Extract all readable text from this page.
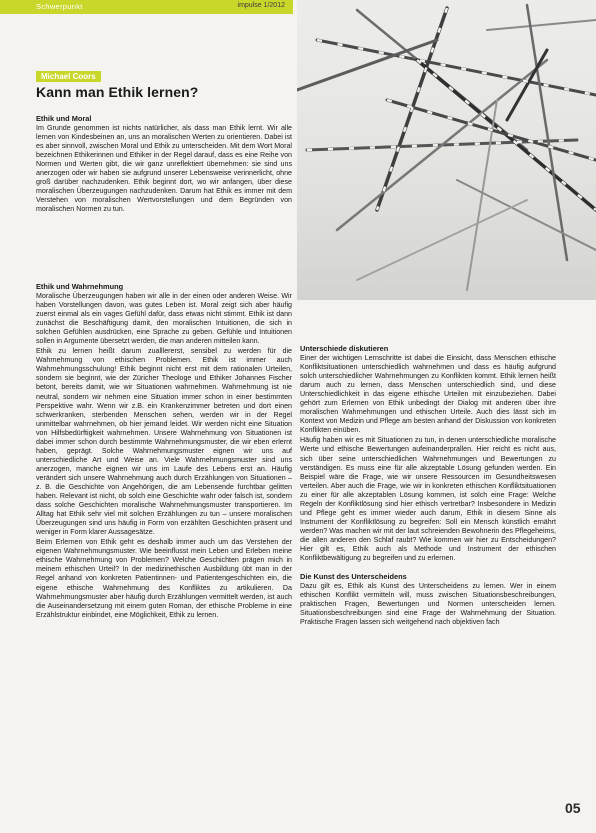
Schwerpunkt	impulse 1/2012
Michael Coors
Kann man Ethik lernen?
Ethik und Moral

Im Grunde genommen ist nichts natürlicher, als dass man Ethik lernt. Wir alle lernen von Kindesbeinen an, uns an moralischen Werten zu orientieren. Dabei ist es aber sinnvoll, zwischen Moral und Ethik zu unterscheiden. Mit dem Wort Moral bezeichnen Ethikerinnen und Ethiker in der Regel darauf, dass es eine Reihe von Normen und Werten gibt, die wir ganz unreflektiert übernehmen: sie sind uns anerzogen oder wir haben sie aufgrund unserer Lebensweise verinnerlicht, ohne groß darüber nachzudenken. Ethik beginnt dort, wo wir anfangen, über diese moralischen Überzeugungen nachzudenken. Darum hat Ethik es immer mit dem Verstehen von moralischen Wertvorstellungen und dem Begründen von moralischen Normen zu tun.

Ethik und Wahrnehmung

Moralische Überzeugungen haben wir alle in der einen oder anderen Weise. Wir haben Vorstellungen davon, was gutes Leben ist. Moral zeigt sich aber häufig zuerst einmal als ein vages Gefühl dafür, dass etwas nicht stimmt. Ethik ist dann zunächst die Beschäftigung damit, den moralischen Intuitionen, die sich in solchen Gefühlen ausdrücken, eine Sprache zu geben. Gefühle und Intuitionen sollen in Argumente übersetzt werden, die man anderen mitteilen kann.

Ethik zu lernen heißt darum zualllererst, sensibel zu werden für die Wahrnehmung von ethischen Problemen. Ethik ist immer auch Wahrnehmungsschulung! Ethik beginnt nicht erst mit dem rationalen Urteilen, sondern sie beginnt, wie der Züricher Theologe und Ethiker Johannes Fischer betont, bereits damit, wie wir Situationen wahrnehmen. Wahrnehmung ist nie neutral, sondern wir nehmen eine Situation immer schon in einer bestimmten Perspektive wahr. Wenn wir z.B. ein Krankenzimmer betreten und dort einen schwerkranken, sterbenden Menschen sehen, werden wir in der Regel unmittelbar wahrnehmen, ob hier jemand leidet. Wir werden nicht eine Situation von Hilfsbedürftigkeit wahrnehmen. Unsere Wahrnehmung von Situationen ist dabei immer schon durch bestimmte Wahrnehmungsmuster, die wir eben erlernt haben, geprägt. Solche Wahrnehmungsmuster eignen wir uns auf unterschiedliche Art und Weise an. Viele Wahrnehmungsmuster sind uns anerzogen, manche eignen wir uns im Laufe des Lebens erst an. Häufig verändert sich unsere Wahrnehmung auch durch Erzählungen von Situationen – z. B. die Geschichte von Angehörigen, die am Lebensende furchtbar gelitten haben. Relevant ist nicht, ob solch eine Geschichte wahr oder falsch ist, sondern dass solche Geschichten moralische Wahrnehmungsmuster transportieren. Im Alltag hat Ethik sehr viel mit solchen Erzählungen zu tun – unsere moralischen Überzeugungen sind uns häufig in Form von erzählten Geschichten präsent und weniger in Form klarer Aussagesätze.

Beim Erlernen von Ethik geht es deshalb immer auch um das Verstehen der eigenen Wahrnehmungsmuster. Wie beeinflusst mein Leben und Erleben meine ethische Wahrnehmung von Problemen? Welche Geschichten prägen mich in meinem ethischen Urteil? In der medizinethischen Ausbildung übt man in der Regel anhand von konkreten Patientinnen- und Patientengeschichten ein, die eigene ethische Wahrnehmung des Konfliktes zu artikulieren. Da Wahrnehmungsmuster aber häufig durch Erzählungen vermittelt werden, ist auch die Auseinandersetzung mit einem guten Roman, der ethische Probleme in eine Erzählstruktur einbindet, eine Möglichkeit, Ethik zu lernen.

Unterschiede diskutieren

Einer der wichtigen Lernschritte ist dabei die Einsicht, dass Menschen ethische Konfliktsituationen unterschiedlich wahrnehmen und dass es häufig aufgrund solch unterschiedlicher Wahrnehmungen zu Konflikten kommt. Ethik lernen heißt darum auch zu lernen, dass Menschen unterschiedlich sind, und diese Unterschiedlichkeit in das eigene ethische Urteilen mit einzubeziehen. Dabei gehört zum Erlernen von Ethik unbedingt der Dialog mit anderen über ihre moralischen Wahrnehmungen und ethischen Urteile. Auch dies lässt sich im Kontext von Medizin und Pflege am besten anhand der Diskussion von konkreten Konflikten einüben.

Häufig haben wir es mit Situationen zu tun, in denen unterschiedliche moralische Werte und ethische Bewertungen aufeinanderprallen. Hier reicht es nicht aus, sich über seine unterschiedlichen Wahrnehmungen und Bewertungen zu verständigen. Es muss eine für alle akzeptable Lösung gefunden werden. Ein Beispiel wäre die Frage, wie wir unsere Ressourcen im Gesundheitswesen verteilen. Aber auch die Frage, wie wir in konkreten ethischen Konfliktsituationen zu einer für alle akzeptablen Lösung kommen, ist solch eine Frage: Welche Regeln der Konfliktlösung sind hier ethisch vertretbar? Insbesondere in Medizin und Pflege geht es immer wieder auch darum, Ethik in diesem Sinne als Instrument der Konfliktlösung zu begreifen: Soll ein Mensch künstlich ernährt werden? Was machen wir mit der laut schreienden Bewohnerin des Pflegeheims, die allen anderen den Schlaf raubt? Wie kommen wir hier zu Entscheidungen? Hier gilt es, Ethik auch als Methode und Instrument der ethischen Konfliktbewältigung zu begreifen und zu erlernen.

Die Kunst des Unterscheidens

Dazu gilt es, Ethik als Kunst des Unterscheidens zu lernen. Wer in einem ethischen Konflikt vermitteln will, muss zwischen Situationsbeschreibungen, praktischen Fragen, Bewertungen und Normen unterscheiden lernen. Situationsbeschreibungen sind eine Frage der Wahrnehmung der Situation. Praktische Fragen lassen sich weitgehend nach objektiven fach

05
